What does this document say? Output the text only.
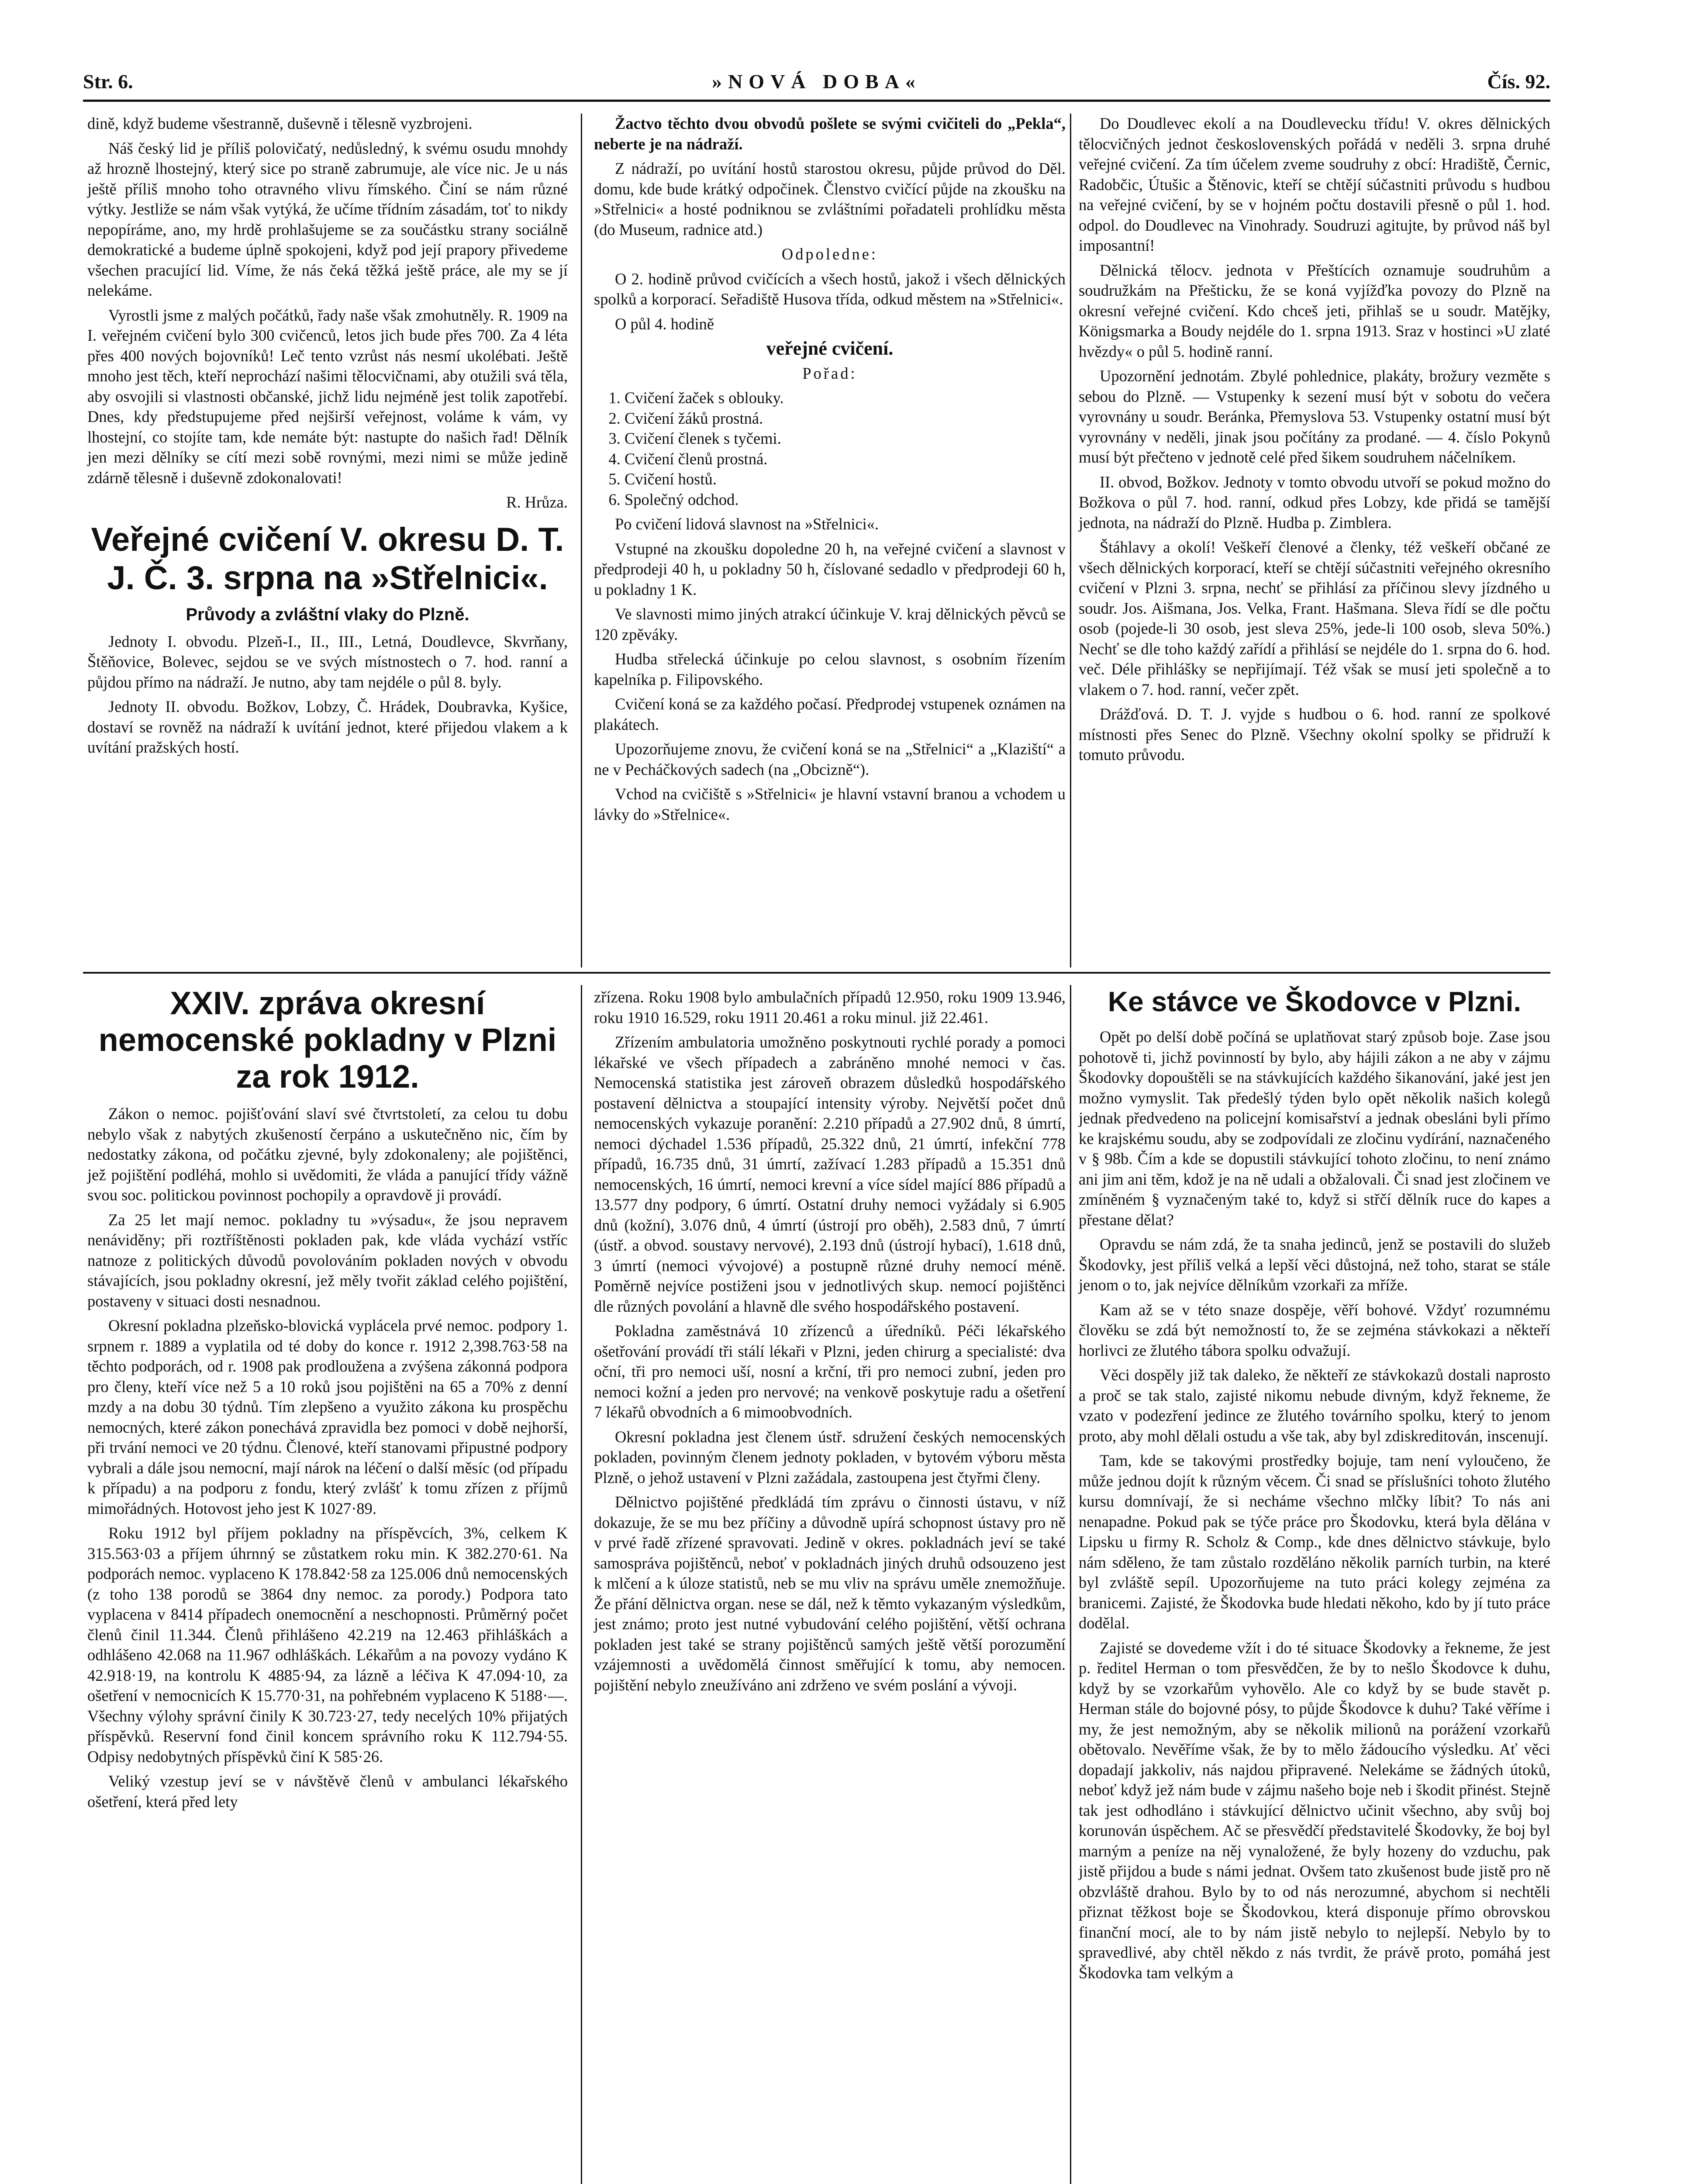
Str. 6.	»NOVÁ DOBA«	Čís. 92.

dině, když budeme všestranně, duševně i tělesně vyzbrojeni.

Náš český lid je příliš polovičatý, nedůsledný, k svému osudu mnohdy až hrozně lhostejný, který sice po straně zabrumuje, ale více nic. Je u nás ještě příliš mnoho toho otravného vlivu římského. Činí se nám různé výtky. Jestliže se nám však vytýká, že učíme třídním zásadám, toť to nikdy nepopíráme, ano, my hrdě prohlašujeme se za součástku strany sociálně demokratické a budeme úplně spokojeni, když pod její prapory přivedeme všechen pracující lid. Víme, že nás čeká těžká ještě práce, ale my se jí nelekáme.

Vyrostli jsme z malých počátků, řady naše však zmohutněly. R. 1909 na I. veřejném cvičení bylo 300 cvičenců, letos jich bude přes 700. Za 4 léta přes 400 nových bojovníků! Leč tento vzrůst nás nesmí ukolébati. Ještě mnoho jest těch, kteří neprochází našimi tělocvičnami, aby otužili svá těla, aby osvojili si vlastnosti občanské, jichž lidu nejméně jest tolik zapotřebí. Dnes, kdy předstupujeme před nejširší veřejnost, voláme k vám, vy lhostejní, co stojíte tam, kde nemáte být: nastupte do našich řad! Dělník jen mezi dělníky se cítí mezi sobě rovnými, mezi nimi se může jedině zdárně tělesně i duševně zdokonalovati!

R. Hrůza.

Veřejné cvičení V. okresu D. T. J. Č. 3. srpna na »Střelnici«.
Průvody a zvláštní vlaky do Plzně.

Jednoty I. obvodu. Plzeň-I., II., III., Letná, Doudlevce, Skvrňany, Štěňovice, Bolevec, sejdou se ve svých místnostech o 7. hod. ranní a půjdou přímo na nádraží. Je nutno, aby tam nejdéle o půl 8. byly.

Jednoty II. obvodu. Božkov, Lobzy, Č. Hrádek, Doubravka, Kyšice, dostaví se rovněž na nádraží k uvítání jednot, které přijedou vlakem a k uvítání pražských hostí.

Žactvo těchto dvou obvodů pošlete se svými cvičiteli do „Pekla“, neberte je na nádraží.

Z nádraží, po uvítání hostů starostou okresu, půjde průvod do Děl. domu, kde bude krátký odpočinek. Členstvo cvičící půjde na zkoušku na »Střelnici« a hosté podniknou se zvláštními pořadateli prohlídku města (do Museum, radnice atd.)

Odpoledne:

O 2. hodině průvod cvičících a všech hostů, jakož i všech dělnických spolků a korporací. Seřadiště Husova třída, odkud městem na »Střelnici«.

O půl 4. hodině

veřejné cvičení.

Pořad:

1. Cvičení žaček s oblouky.
2. Cvičení žáků prostná.
3. Cvičení členek s tyčemi.
4. Cvičení členů prostná.
5. Cvičení hostů.
6. Společný odchod.

Po cvičení lidová slavnost na »Střelnici«.

Vstupné na zkoušku dopoledne 20 h, na veřejné cvičení a slavnost v předprodeji 40 h, u pokladny 50 h, číslované sedadlo v předprodeji 60 h, u pokladny 1 K.

Ve slavnosti mimo jiných atrakcí účinkuje V. kraj dělnických pěvců se 120 zpěváky.

Hudba střelecká účinkuje po celou slavnost, s osobním řízením kapelníka p. Filipovského.

Cvičení koná se za každého počasí. Předprodej vstupenek oznámen na plakátech.

Upozorňujeme znovu, že cvičení koná se na „Střelnici“ a „Klaziští“ a ne v Pecháčkových sadech (na „Obcizně“).

Vchod na cvičiště s »Střelnici« je hlavní vstavní branou a vchodem u lávky do »Střelnice«.

Do Doudlevec ekolí a na Doudlevecku třídu! V. okres dělnických tělocvičných jednot československých pořádá v neděli 3. srpna druhé veřejné cvičení. Za tím účelem zveme soudruhy z obcí: Hradiště, Černic, Radobčic, Útušic a Štěnovic, kteří se chtějí súčastniti průvodu s hudbou na veřejné cvičení, by se v hojném počtu dostavili přesně o půl 1. hod. odpol. do Doudlevec na Vinohrady. Soudruzi agitujte, by průvod náš byl imposantní!

Dělnická tělocv. jednota v Přeštících oznamuje soudruhům a soudružkám na Přešticku, že se koná vyjížďka povozy do Plzně na okresní veřejné cvičení. Kdo chceš jeti, přihlaš se u soudr. Matějky, Königsmarka a Boudy nejdéle do 1. srpna 1913. Sraz v hostinci »U zlaté hvězdy« o půl 5. hodině ranní.

Upozornění jednotám. Zbylé pohlednice, plakáty, brožury vezměte s sebou do Plzně. — Vstupenky k sezení musí být v sobotu do večera vyrovnány u soudr. Beránka, Přemyslova 53. Vstupenky ostatní musí být vyrovnány v neděli, jinak jsou počítány za prodané. — 4. číslo Pokynů musí být přečteno v jednotě celé před šikem soudruhem náčelníkem.

II. obvod, Božkov. Jednoty v tomto obvodu utvoří se pokud možno do Božkova o půl 7. hod. ranní, odkud přes Lobzy, kde přidá se tamější jednota, na nádraží do Plzně. Hudba p. Zimblera.

Štáhlavy a okolí! Veškeří členové a členky, též veškeří občané ze všech dělnických korporací, kteří se chtějí súčastniti veřejného okresního cvičení v Plzni 3. srpna, nechť se přihlásí za příčinou slevy jízdného u soudr. Jos. Aišmana, Jos. Velka, Frant. Hašmana. Sleva řídí se dle počtu osob (pojede-li 30 osob, jest sleva 25%, jede-li 100 osob, sleva 50%.) Nechť se dle toho každý zařídí a přihlásí se nejdéle do 1. srpna do 6. hod. več. Déle přihlášky se nepřijímají. Též však se musí jeti společně a to vlakem o 7. hod. ranní, večer zpět.

Drážďová. D. T. J. vyjde s hudbou o 6. hod. ranní ze spolkové místnosti přes Senec do Plzně. Všechny okolní spolky se přidruží k tomuto průvodu.

XXIV. zpráva okresní nemocenské pokladny v Plzni za rok 1912.

Zákon o nemoc. pojišťování slaví své čtvrtstoletí, za celou tu dobu nebylo však z nabytých zkušeností čerpáno a uskutečněno nic, čím by nedostatky zákona, od počátku zjevné, byly zdokonaleny; ale pojištěnci, jež pojištění podléhá, mohlo si uvědomiti, že vláda a panující třídy vážně svou soc. politickou povinnost pochopily a opravdově ji provádí.

Za 25 let mají nemoc. pokladny tu »výsadu«, že jsou nepravem nenáviděny; při roztříštěnosti pokladen pak, kde vláda vychází vstříc natnoze z politických důvodů povolováním pokladen nových v obvodu stávajících, jsou pokladny okresní, jež měly tvořit základ celého pojištění, postaveny v situaci dosti nesnadnou.

Okresní pokladna plzeňsko-blovická vyplácela prvé nemoc. podpory 1. srpnem r. 1889 a vyplatila od té doby do konce r. 1912 2,398.763·58 na těchto podporách, od r. 1908 pak prodloužena a zvýšena zákonná podpora pro členy, kteří více než 5 a 10 roků jsou pojištěni na 65 a 70% z denní mzdy a na dobu 30 týdnů. Tím zlepšeno a využito zákona ku prospěchu nemocných, které zákon ponechává zpravidla bez pomoci v době nejhorší, při trvání nemoci ve 20 týdnu. Členové, kteří stanovami připustné podpory vybrali a dále jsou nemocní, mají nárok na léčení o další měsíc (od případu k případu) a na podporu z fondu, který zvlášť k tomu zřízen z příjmů mimořádných. Hotovost jeho jest K 1027·89.

Roku 1912 byl příjem pokladny na příspěvcích, 3%, celkem K 315.563·03 a příjem úhrnný se zůstatkem roku min. K 382.270·61. Na podporách nemoc. vyplaceno K 178.842·58 za 125.006 dnů nemocenských (z toho 138 porodů se 3864 dny nemoc. za porody.) Podpora tato vyplacena v 8414 případech onemocnění a neschopnosti. Průměrný počet členů činil 11.344. Členů přihlášeno 42.219 na 12.463 přihláškách a odhlášeno 42.068 na 11.967 odhláškách. Lékařům a na povozy vydáno K 42.918·19, na kontrolu K 4885·94, za lázně a léčiva K 47.094·10, za ošetření v nemocnicích K 15.770·31, na pohřebném vyplaceno K 5188·—. Všechny výlohy správní činily K 30.723·27, tedy necelých 10% přijatých příspěvků. Reservní fond činil koncem správního roku K 112.794·55. Odpisy nedobytných příspěvků činí K 585·26.

Veliký vzestup jeví se v návštěvě členů v ambulanci lékařského ošetření, která před lety

zřízena. Roku 1908 bylo ambulačních případů 12.950, roku 1909 13.946, roku 1910 16.529, roku 1911 20.461 a roku minul. již 22.461.

Zřízením ambulatoria umožněno poskytnouti rychlé porady a pomoci lékařské ve všech případech a zabráněno mnohé nemoci v čas. Nemocenská statistika jest zároveň obrazem důsledků hospodářského postavení dělnictva a stoupající intensity výroby. Největší počet dnů nemocenských vykazuje poranění: 2.210 případů a 27.902 dnů, 8 úmrtí, nemoci dýchadel 1.536 případů, 25.322 dnů, 21 úmrtí, infekční 778 případů, 16.735 dnů, 31 úmrtí, zažívací 1.283 případů a 15.351 dnů nemocenských, 16 úmrtí, nemoci krevní a více sídel mající 886 případů a 13.577 dny podpory, 6 úmrtí. Ostatní druhy nemoci vyžádaly si 6.905 dnů (kožní), 3.076 dnů, 4 úmrtí (ústrojí pro oběh), 2.583 dnů, 7 úmrtí (ústř. a obvod. soustavy nervové), 2.193 dnů (ústrojí hybací), 1.618 dnů, 3 úmrtí (nemoci vývojové) a postupně různé druhy nemocí méně. Poměrně nejvíce postiženi jsou v jednotlivých skup. nemocí pojištěnci dle různých povolání a hlavně dle svého hospodářského postavení.

Pokladna zaměstnává 10 zřízenců a úředníků. Péči lékařského ošetřování provádí tři stálí lékaři v Plzni, jeden chirurg a specialisté: dva oční, tři pro nemoci uší, nosní a krční, tři pro nemoci zubní, jeden pro nemoci kožní a jeden pro nervové; na venkově poskytuje radu a ošetření 7 lékařů obvodních a 6 mimoobvodních.

Okresní pokladna jest členem ústř. sdružení českých nemocenských pokladen, povinným členem jednoty pokladen, v bytovém výboru města Plzně, o jehož ustavení v Plzni zažádala, zastoupena jest čtyřmi členy.

Dělnictvo pojištěné předkládá tím zprávu o činnosti ústavu, v níž dokazuje, že se mu bez příčiny a důvodně upírá schopnost ústavy pro ně v prvé řadě zřízené spravovati. Jedině v okres. pokladnách jeví se také samospráva pojištěnců, neboť v pokladnách jiných druhů odsouzeno jest k mlčení a k úloze statistů, neb se mu vliv na správu uměle znemožňuje. Že přání dělnictva organ. nese se dál, než k těmto vykazaným výsledkům, jest známo; proto jest nutné vybudování celého pojištění, větší ochrana pokladen jest také se strany pojištěnců samých ještě větší porozumění vzájemnosti a uvědomělá činnost směřující k tomu, aby nemocen. pojištění nebylo zneužíváno ani zdrženo ve svém poslání a vývoji.

Ke stávce ve Škodovce v Plzni.

Opět po delší době počíná se uplatňovat starý způsob boje. Zase jsou pohotově ti, jichž povinností by bylo, aby hájili zákon a ne aby v zájmu Škodovky dopouštěli se na stávkujících každého šikanování, jaké jest jen možno vymyslit. Tak předešlý týden bylo opět několik našich kolegů jednak předvedeno na policejní komisařství a jednak obesláni byli přímo ke krajskému soudu, aby se zodpovídali ze zločinu vydírání, naznačeného v § 98b. Čím a kde se dopustili stávkující tohoto zločinu, to není známo ani jim ani těm, kdož je na ně udali a obžalovali. Či snad jest zločinem ve zmíněném § vyznačeným také to, když si střčí dělník ruce do kapes a přestane dělat?

Opravdu se nám zdá, že ta snaha jedinců, jenž se postavili do služeb Škodovky, jest příliš velká a lepší věci důstojná, než toho, starat se stále jenom o to, jak nejvíce dělníkům vzorkaři za mříže.

Kam až se v této snaze dospěje, věří bohové. Vždyť rozumnému člověku se zdá být nemožností to, že se zejména stávkokazi a někteří horlivci ze žlutého tábora spolku odvažují.

Věci dospěly již tak daleko, že někteří ze stávkokazů dostali naprosto a proč se tak stalo, zajisté nikomu nebude divným, když řekneme, že vzato v podezření jedince ze žlutého továrního spolku, který to jenom proto, aby mohl dělali ostudu a vše tak, aby byl zdiskreditován, inscenují.

Tam, kde se takovými prostředky bojuje, tam není vyloučeno, že může jednou dojít k různým věcem. Či snad se příslušníci tohoto žlutého kursu domnívají, že si necháme všechno mlčky líbit? To nás ani nenapadne. Pokud pak se týče práce pro Škodovku, která byla dělána v Lipsku u firmy R. Scholz & Comp., kde dnes dělnictvo stávkuje, bylo nám sděleno, že tam zůstalo rozděláno několik parních turbin, na které byl zvláště sepíl. Upozorňujeme na tuto práci kolegy zejména za branicemi. Zajisté, že Škodovka bude hledati někoho, kdo by jí tuto práce dodělal.

Zajisté se dovedeme vžít i do té situace Škodovky a řekneme, že jest p. ředitel Herman o tom přesvědčen, že by to nešlo Škodovce k duhu, když by se vzorkařům vyhovělo. Ale co když by se bude stavět p. Herman stále do bojovné pósy, to půjde Škodovce k duhu? Také věříme i my, že jest nemožným, aby se několik milionů na porážení vzorkařů obětovalo. Nevěříme však, že by to mělo žádoucího výsledku. Ať věci dopadají jakkoliv, nás najdou připravené. Nelekáme se žádných útoků, neboť když jež nám bude v zájmu našeho boje neb i škodit přinést. Stejně tak jest odhodláno i stávkující dělnictvo učinit všechno, aby svůj boj korunován úspěchem. Ač se přesvědčí představitelé Škodovky, že boj byl marným a peníze na něj vynaložené, že byly hozeny do vzduchu, pak jistě přijdou a bude s námi jednat. Ovšem tato zkušenost bude jistě pro ně obzvláště drahou. Bylo by to od nás nerozumné, abychom si nechtěli přiznat těžkost boje se Škodovkou, která disponuje přímo obrovskou finanční mocí, ale to by nám jistě nebylo to nejlepší. Nebylo by to spravedlivé, aby chtěl někdo z nás tvrdit, že právě proto, pomáhá jest Škodovka tam velkým a
